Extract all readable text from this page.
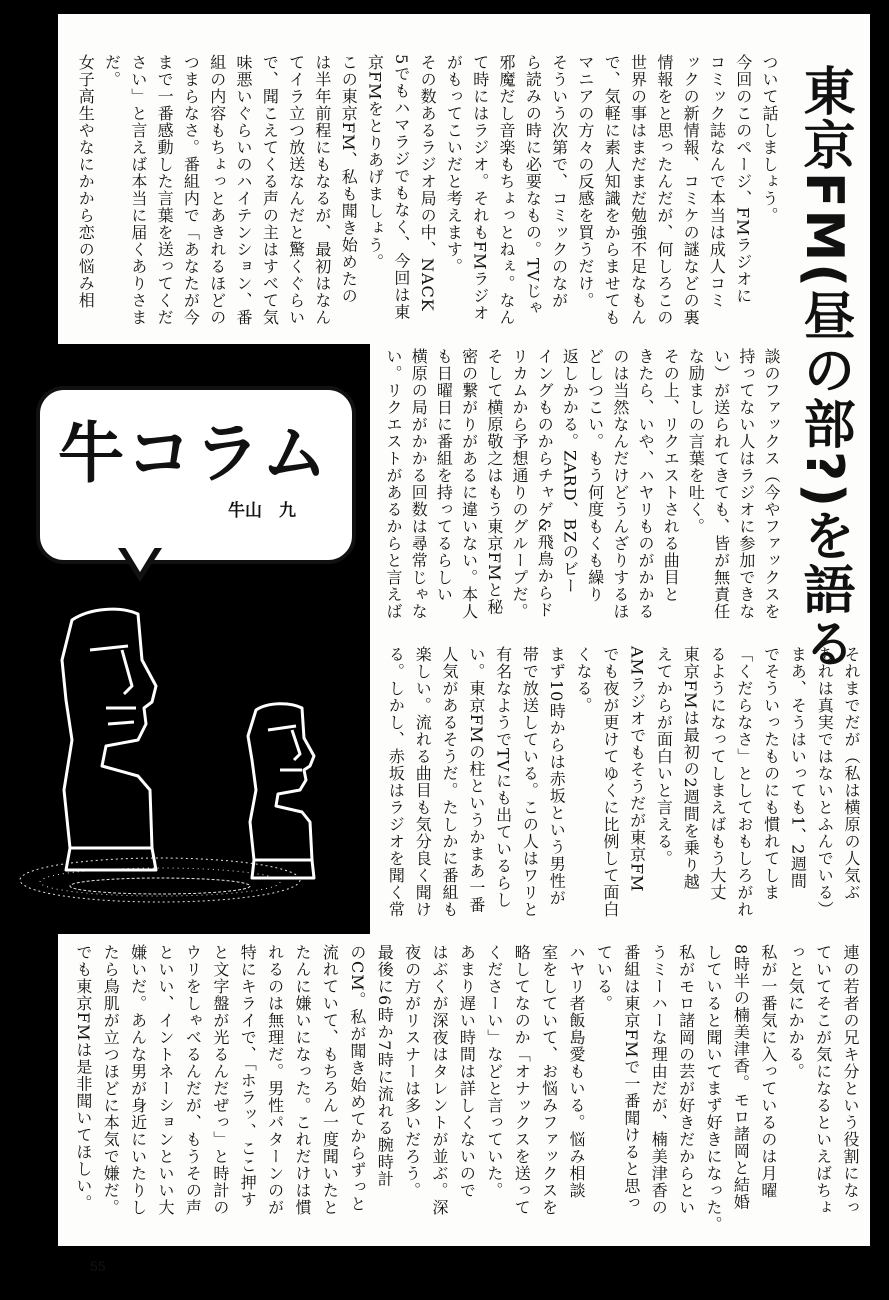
東京FM(昼の部?)を語る
ついて話しましょう。
今回のこのページ、FMラジオに
コミック誌なんで本当は成人コミ
ックの新情報、コミケの謎などの裏
情報をと思ったんだが、何しろこの
世界の事はまだまだ勉強不足なもん
で、気軽に素人知識をからませても
マニアの方々の反感を買うだけ。
そういう次第で、コミックのなが
ら読みの時に必要なもの。TVじゃ
邪魔だし音楽もちょっとねぇ。なん
て時にはラジオ。それもFMラジオ
がもってこいだと考えます。
その数あるラジオ局の中、NACK
5でもハマラジでもなく、今回は東
京FMをとりあげましょう。
この東京FM、私も聞き始めたの
は半年前程にもなるが、最初はなん
てイラ立つ放送なんだと驚くぐらい
で、聞こえてくる声の主はすべて気
味悪いぐらいのハイテンション、番
組の内容もちょっとあきれるほどの
つまらなさ。番組内で「あなたが今
まで一番感動した言葉を送ってくだ
さい」と言えば本当に届くありさま
だ。
女子高生やなにかから恋の悩み相
談のファックス（今やファックスを
持ってない人はラジオに参加できな
い）が送られてきても、皆が無責任
な励ましの言葉を吐く。
その上、リクエストされる曲目と
きたら、いや、ハヤリものがかかる
のは当然なんだけどうんざりするほ
どしつこい。もう何度もくも繰り
返しかかる。ZARD、BZのビー
イングものからチャゲ&飛鳥からド
リカムから予想通りのグループだ。
そして横原敬之はもう東京FMと秘
密の繋がりがあるに違いない。本人
も日曜日に番組を持ってるらしい
横原の局がかかる回数は尋常じゃな
い。リクエストがあるからと言えば
それまでだが（私は横原の人気ぶ
あれは真実ではないとふんでいる）
まあ、そうはいっても1、2週間
でそういったものにも慣れてしま
「くだらなさ」としておもしろがれ
るようになってしまえばもう大丈
東京FMは最初の2週間を乗り越
えてからが面白いと言える。
AMラジオでもそうだが東京FM
でも夜が更けてゆくに比例して面白
くなる。
まず10時からは赤坂という男性が
帯で放送している。この人はワリと
有名なようでTVにも出ているらし
い。東京FMの柱というかまあ一番
人気があるそうだ。たしかに番組も
楽しい。流れる曲目も気分良く聞け
る。しかし、赤坂はラジオを聞く常
連の若者の兄キ分という役割になっ
ていてそこが気になるといえばちょ
っと気にかかる。
私が一番気に入っているのは月曜
8時半の楠美津香。モロ諸岡と結婚
していると聞いてまず好きになった。
私がモロ諸岡の芸が好きだからとい
うミーハーな理由だが、楠美津香の
番組は東京FMで一番聞けると思っ
ている。
ハヤリ者飯島愛もいる。悩み相談
室をしていて、お悩みファックスを
略してなのか「オナックスを送って
くださーい」などと言っていた。
あまり遅い時間は詳しくないので
はぶくが深夜はタレントが並ぶ。深
夜の方がリスナーは多いだろう。
最後に6時か7時に流れる腕時計
のCM。私が聞き始めてからずっと
流れていて、もちろん一度聞いたと
たんに嫌いになった。これだけは慣
れるのは無理だ。男性パターンのが
特にキライで、「ホラッ、ここ押す
と文字盤が光るんだぜっ」と時計の
ウリをしゃべるんだが、もうその声
といい、イントネーションといい大
嫌いだ。あんな男が身近にいたりし
たら鳥肌が立つほどに本気で嫌だ。
でも東京FMは是非聞いてほしい。
牛コラム
牛山　九
55
